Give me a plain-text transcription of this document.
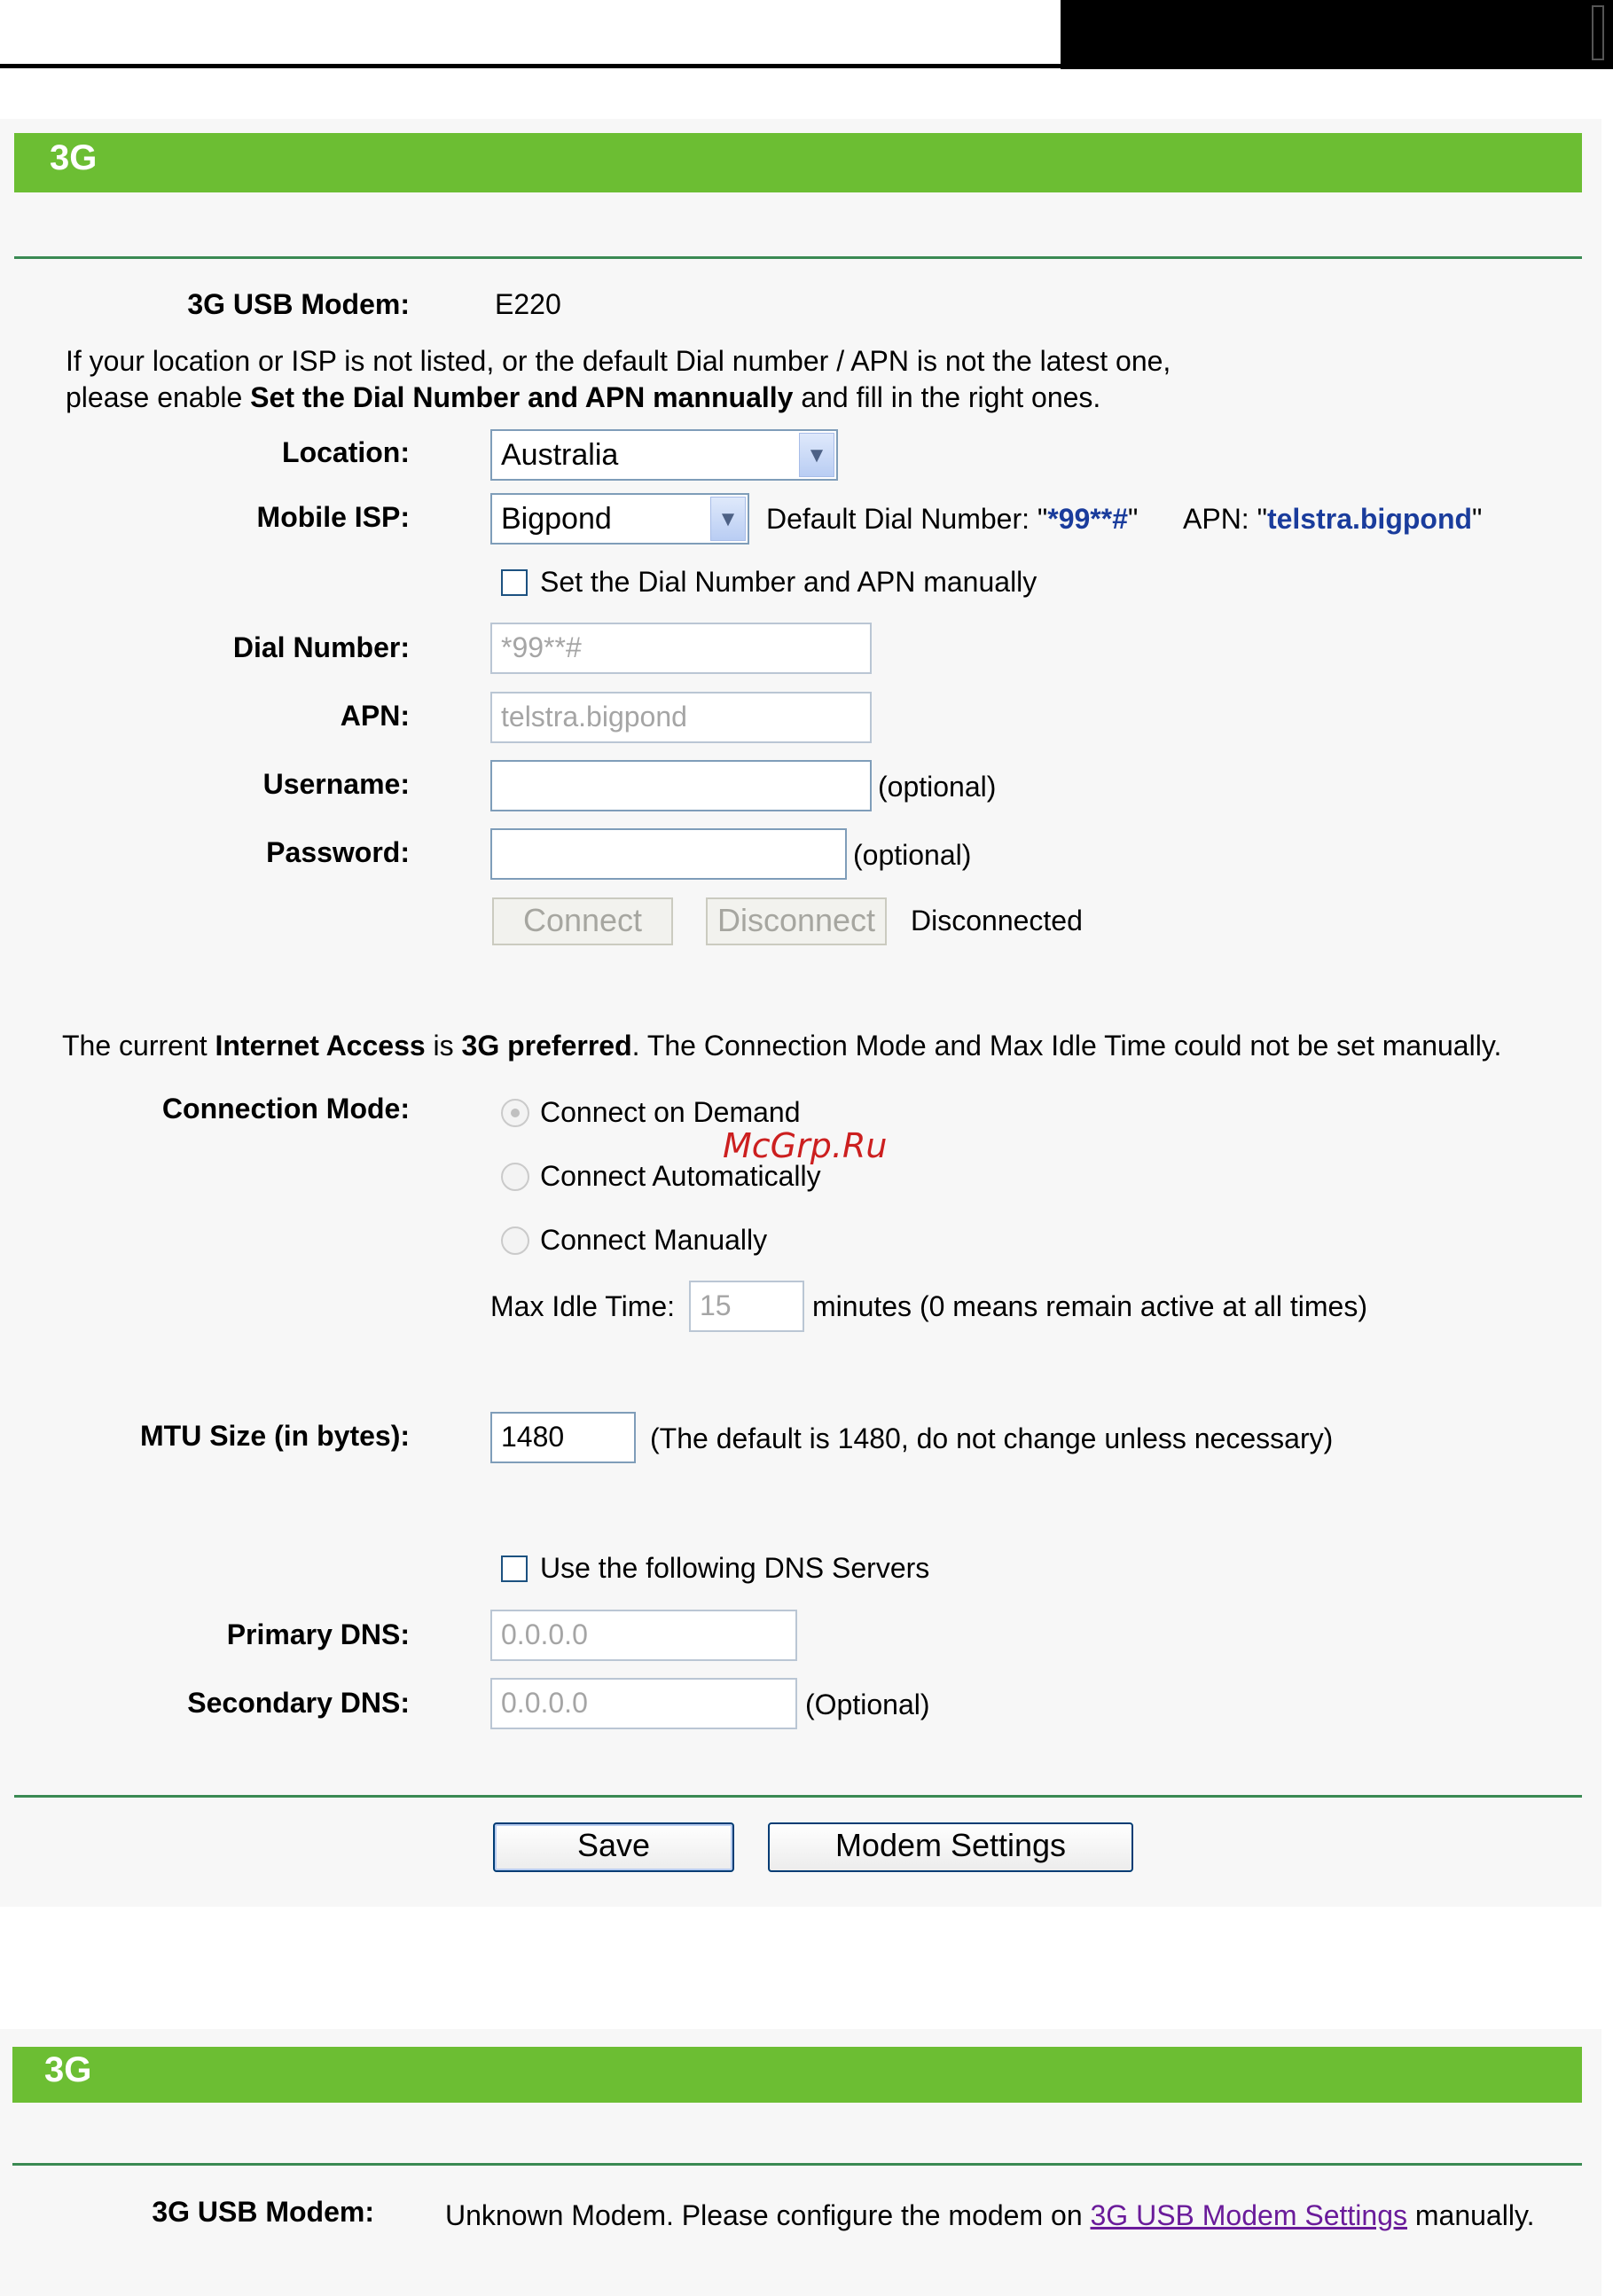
3G
3G USB Modem:	E220
If your location or ISP is not listed, or the default Dial number / APN is not the latest one,
please enable Set the Dial Number and APN mannually and fill in the right ones.
Location:	Australia	▼
Mobile ISP:	Bigpond	▼ Default Dial Number: "*99**#" APN: "telstra.bigpond"
Set the Dial Number and APN manually
Dial Number:	*99**#
APN:	telstra.bigpond
Username:	(optional)
Password:	(optional)
Connect	Disconnect	Disconnected
The current Internet Access is 3G preferred. The Connection Mode and Max Idle Time could not be set manually.
Connection Mode:	Connect on Demand
Connect Automatically
Connect Manually
Max Idle Time: 15	minutes (0 means remain active at all times)
MTU Size (in bytes):	1480	(The default is 1480, do not change unless necessary)
Use the following DNS Servers
Primary DNS:	0.0.0.0
Secondary DNS:	0.0.0.0	(Optional)
Save	Modem Settings
McGrp.Ru
3G
3G USB Modem:	Unknown Modem. Please configure the modem on 3G USB Modem Settings manually.
